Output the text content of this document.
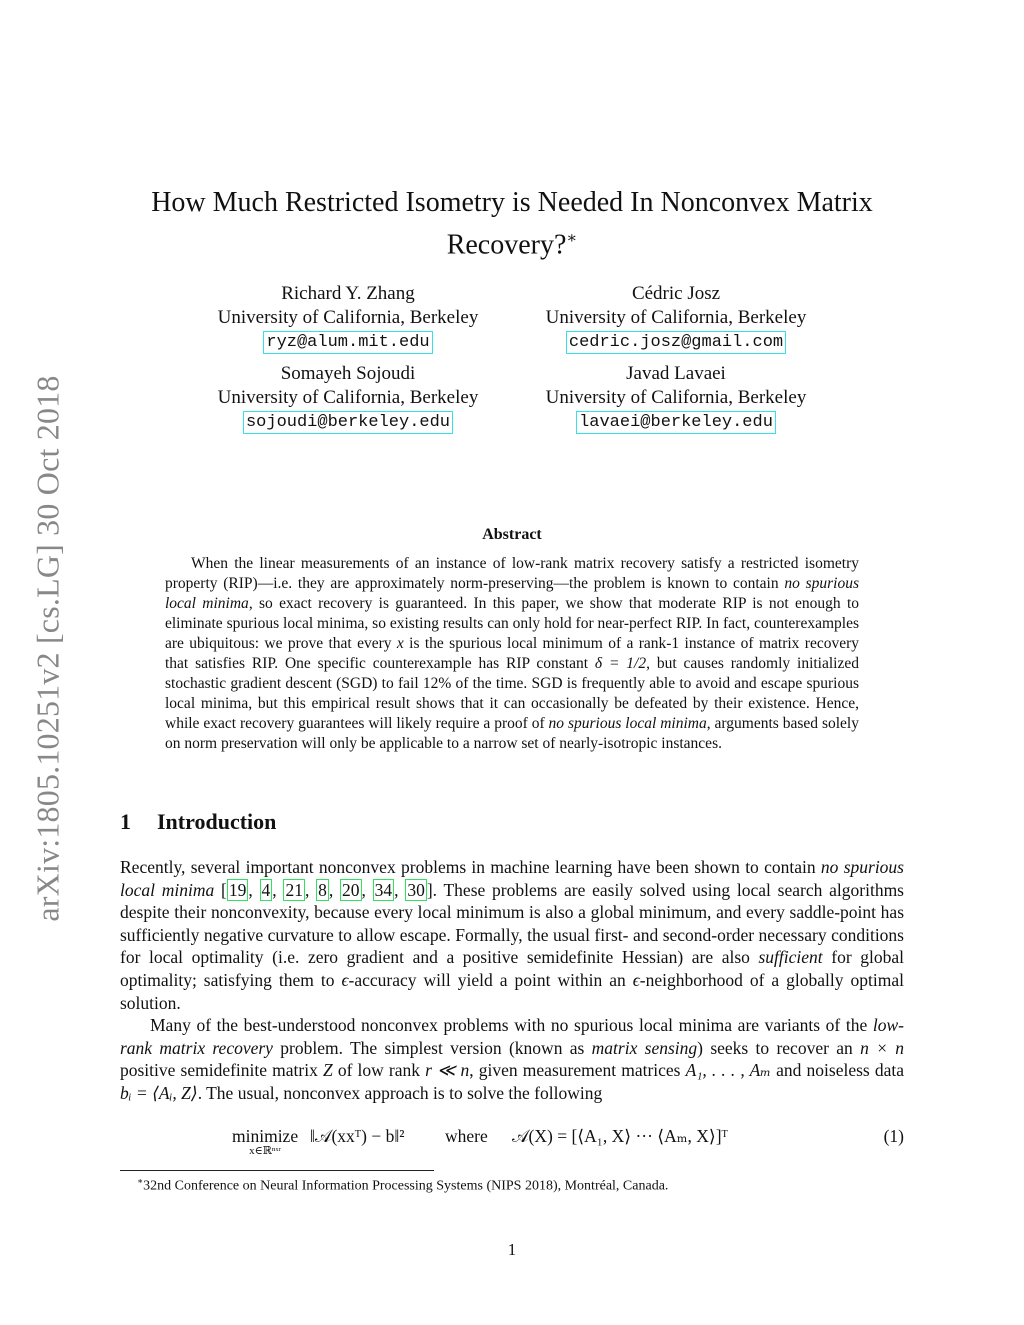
arXiv:1805.10251v2 [cs.LG] 30 Oct 2018
How Much Restricted Isometry is Needed In Nonconvex Matrix Recovery?∗
Richard Y. Zhang
University of California, Berkeley
ryz@alum.mit.edu
Cédric Josz
University of California, Berkeley
cedric.josz@gmail.com
Somayeh Sojoudi
University of California, Berkeley
sojoudi@berkeley.edu
Javad Lavaei
University of California, Berkeley
lavaei@berkeley.edu
Abstract
When the linear measurements of an instance of low-rank matrix recovery satisfy a restricted isometry property (RIP)—i.e. they are approximately norm-preserving—the problem is known to contain no spurious local minima, so exact recovery is guaranteed. In this paper, we show that moderate RIP is not enough to eliminate spurious local minima, so existing results can only hold for near-perfect RIP. In fact, counterexamples are ubiquitous: we prove that every x is the spurious local minimum of a rank-1 instance of matrix recovery that satisfies RIP. One specific counterexample has RIP constant δ = 1/2, but causes randomly initialized stochastic gradient descent (SGD) to fail 12% of the time. SGD is frequently able to avoid and escape spurious local minima, but this empirical result shows that it can occasionally be defeated by their existence. Hence, while exact recovery guarantees will likely require a proof of no spurious local minima, arguments based solely on norm preservation will only be applicable to a narrow set of nearly-isotropic instances.
1 Introduction
Recently, several important nonconvex problems in machine learning have been shown to contain no spurious local minima [ 19 , 4 , 21 , 8 , 20 , 34 , 30 ]. These problems are easily solved using local search algorithms despite their nonconvexity, because every local minimum is also a global minimum, and every saddle-point has sufficiently negative curvature to allow escape. Formally, the usual first- and second-order necessary conditions for local optimality (i.e. zero gradient and a positive semidefinite Hessian) are also sufficient for global optimality; satisfying them to ϵ-accuracy will yield a point within an ϵ-neighborhood of a globally optimal solution.
Many of the best-understood nonconvex problems with no spurious local minima are variants of the low-rank matrix recovery problem. The simplest version (known as matrix sensing) seeks to recover an n × n positive semidefinite matrix Z of low rank r ≪ n, given measurement matrices A₁, . . . , Aₘ and noiseless data bᵢ = ⟨Aᵢ, Z⟩. The usual, nonconvex approach is to solve the following
minimize
x∈ℝⁿˣʳ
‖𝒜(xxᵀ) − b‖² where 𝒜(X) = [⟨A₁, X⟩ ··· ⟨Aₘ, X⟩]ᵀ	(1)
∗32nd Conference on Neural Information Processing Systems (NIPS 2018), Montréal, Canada.
1
